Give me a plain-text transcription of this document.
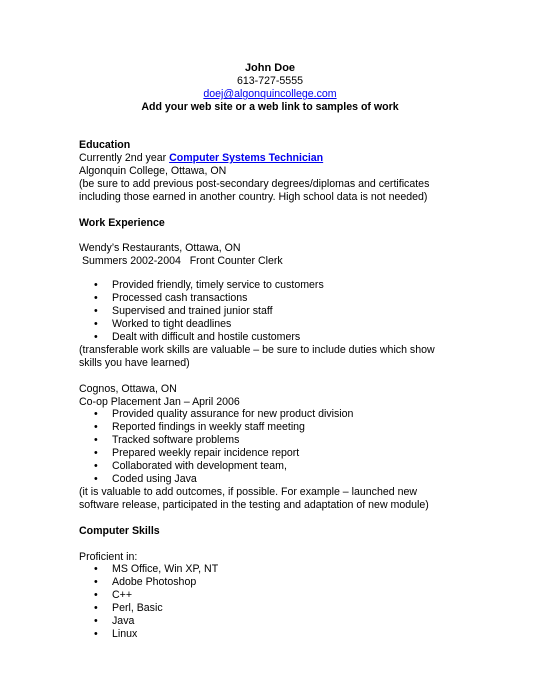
John Doe
613-727-5555
doej@algonquincollege.com
Add your web site or a web link to samples of work
Education
Currently 2nd year Computer Systems Technician
Algonquin College, Ottawa, ON
(be sure to add previous post-secondary degrees/diplomas and certificates
including those earned in another country. High school data is not needed)
Work Experience
Wendy’s Restaurants, Ottawa, ON
Summers 2002-2004   Front Counter Clerk
• Provided friendly, timely service to customers
• Processed cash transactions
• Supervised and trained junior staff
• Worked to tight deadlines
• Dealt with difficult and hostile customers
(transferable work skills are valuable – be sure to include duties which show
skills you have learned)
Cognos, Ottawa, ON
Co-op Placement Jan – April 2006
• Provided quality assurance for new product division
• Reported findings in weekly staff meeting
• Tracked software problems
• Prepared weekly repair incidence report
• Collaborated with development team,
• Coded using Java
(it is valuable to add outcomes, if possible. For example – launched new
software release, participated in the testing and adaptation of new module)
Computer Skills
Proficient in:
• MS Office, Win XP, NT
• Adobe Photoshop
• C++
• Perl, Basic
• Java
• Linux
